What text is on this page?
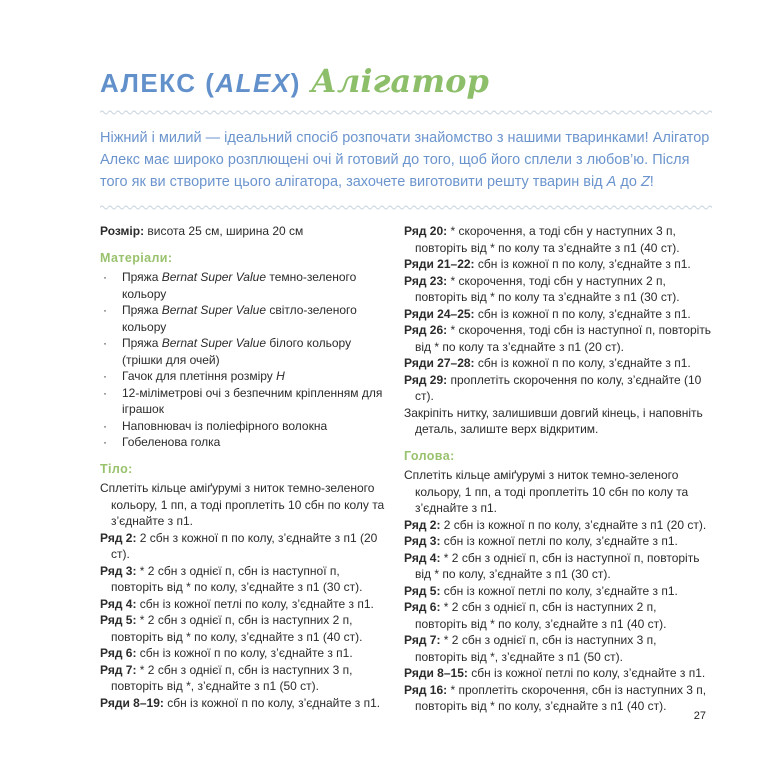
АЛЕКС (ALEX) Алігатор

Ніжний і милий — ідеальний спосіб розпочати знайомство з нашими тваринками! Алігатор Алекс має широко розплющені очі й готовий до того, щоб його сплели з любов’ю. Після того як ви створите цього алігатора, захочете виготовити решту тварин від A до Z!

Розмір: висота 25 см, ширина 20 см

Матеріали:
· Пряжа Bernat Super Value темно-зеленого кольору
· Пряжа Bernat Super Value світло-зеленого кольору
· Пряжа Bernat Super Value білого кольору (трішки для очей)
· Гачок для плетіння розміру H
· 12-міліметрові очі з безпечним кріпленням для іграшок
· Наповнювач із поліефірного волокна
· Гобеленова голка
Тіло:

Сплетіть кільце аміґурумі з ниток темно-зеленого кольору, 1 пп, а тоді проплетіть 10 сбн по колу та з’єднайте з п1.

Ряд 2: 2 сбн з кожної п по колу, з’єднайте з п1 (20 ст).

Ряд 3: * 2 сбн з однієї п, сбн із наступної п, повторіть від * по колу, з’єднайте з п1 (30 ст).

Ряд 4: сбн із кожної петлі по колу, з’єднайте з п1.

Ряд 5: * 2 сбн з однієї п, сбн із наступних 2 п, повторіть від * по колу, з’єднайте з п1 (40 ст).

Ряд 6: сбн із кожної п по колу, з’єднайте з п1.

Ряд 7: * 2 сбн з однієї п, сбн із наступних 3 п, повторіть від *, з’єднайте з п1 (50 ст).

Ряди 8–19: сбн із кожної п по колу, з’єднайте з п1.

Ряд 20: * скорочення, а тоді сбн у наступних 3 п, повторіть від * по колу та з’єднайте з п1 (40 ст).

Ряди 21–22: сбн із кожної п по колу, з’єднайте з п1.

Ряд 23: * скорочення, тоді сбн у наступних 2 п, повторіть від * по колу та з’єднайте з п1 (30 ст).

Ряди 24–25: сбн із кожної п по колу, з’єднайте з п1.

Ряд 26: * скорочення, тоді сбн із наступної п, повторіть від * по колу та з’єднайте з п1 (20 ст).

Ряди 27–28: сбн із кожної п по колу, з’єднайте з п1.

Ряд 29: проплетіть скорочення по колу, з’єднайте (10 ст).

Закріпіть нитку, залишивши довгий кінець, і наповніть деталь, залиште верх відкритим.

Голова:

Сплетіть кільце аміґурумі з ниток темно-зеленого кольору, 1 пп, а тоді проплетіть 10 сбн по колу та з’єднайте з п1.

Ряд 2: 2 сбн із кожної п по колу, з’єднайте з п1 (20 ст).

Ряд 3: сбн із кожної петлі по колу, з’єднайте з п1.

Ряд 4: * 2 сбн з однієї п, сбн із наступної п, повторіть від * по колу, з’єднайте з п1 (30 ст).

Ряд 5: сбн із кожної петлі по колу, з’єднайте з п1.

Ряд 6: * 2 сбн з однієї п, сбн із наступних 2 п, повторіть від * по колу, з’єднайте з п1 (40 ст).

Ряд 7: * 2 сбн з однієї п, сбн із наступних 3 п, повторіть від *, з’єднайте з п1 (50 ст).

Ряди 8–15: сбн із кожної петлі по колу, з’єднайте з п1.

Ряд 16: * проплетіть скорочення, сбн із наступних 3 п, повторіть від * по колу, з’єднайте з п1 (40 ст).

27
